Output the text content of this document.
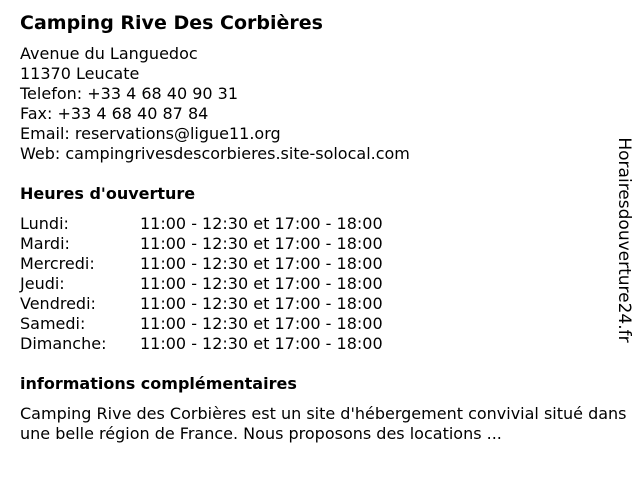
Camping Rive Des Corbières
Avenue du Languedoc
11370 Leucate
Telefon: +33 4 68 40 90 31
Fax: +33 4 68 40 87 84
Email: reservations@ligue11.org
Web: campingrivesdescorbieres.site-solocal.com
Heures d'ouverture
Lundi:	11:00 - 12:30 et 17:00 - 18:00
Mardi:	11:00 - 12:30 et 17:00 - 18:00
Mercredi:	11:00 - 12:30 et 17:00 - 18:00
Jeudi:	11:00 - 12:30 et 17:00 - 18:00
Vendredi:	11:00 - 12:30 et 17:00 - 18:00
Samedi:	11:00 - 12:30 et 17:00 - 18:00
Dimanche:	11:00 - 12:30 et 17:00 - 18:00
informations complémentaires
Camping Rive des Corbières est un site d'hébergement convivial situé dans une belle région de France. Nous proposons des locations ...
Horairesdouverture24.fr
